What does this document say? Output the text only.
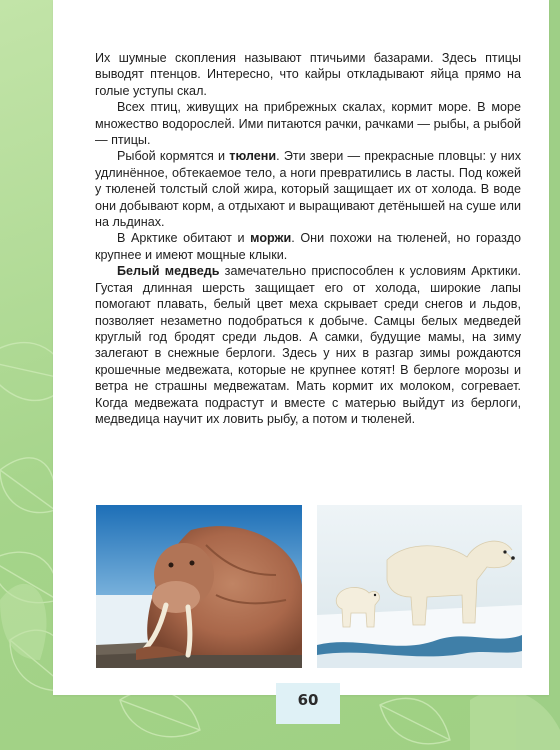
Их шумные скопления называют птичьими базарами. Здесь птицы выводят птенцов. Интересно, что кайры откладывают яйца прямо на голые уступы скал.

Всех птиц, живущих на прибрежных скалах, кормит море. В море множество водорослей. Ими питаются рачки, рачками — рыбы, а рыбой — птицы.

Рыбой кормятся и тюлени. Эти звери — прекрасные пловцы: у них удлинённое, обтекаемое тело, а ноги превратились в ласты. Под кожей у тюленей толстый слой жира, который защищает их от холода. В воде они добывают корм, а отдыхают и выращивают детёнышей на суше или на льдинах.

В Арктике обитают и моржи. Они похожи на тюленей, но гораздо крупнее и имеют мощные клыки.

Белый медведь замечательно приспособлен к условиям Арктики. Густая длинная шерсть защищает его от холода, широкие лапы помогают плавать, белый цвет меха скрывает среди снегов и льдов, позволяет незаметно подобраться к добыче. Самцы белых медведей круглый год бродят среди льдов. А самки, будущие мамы, на зиму залегают в снежные берлоги. Здесь у них в разгар зимы рождаются крошечные медвежата, которые не крупнее котят! В берлоге морозы и ветра не страшны медвежатам. Мать кормит их молоком, согревает. Когда медвежата подрастут и вместе с матерью выйдут из берлоги, медведица научит их ловить рыбу, а потом и тюленей.

60
